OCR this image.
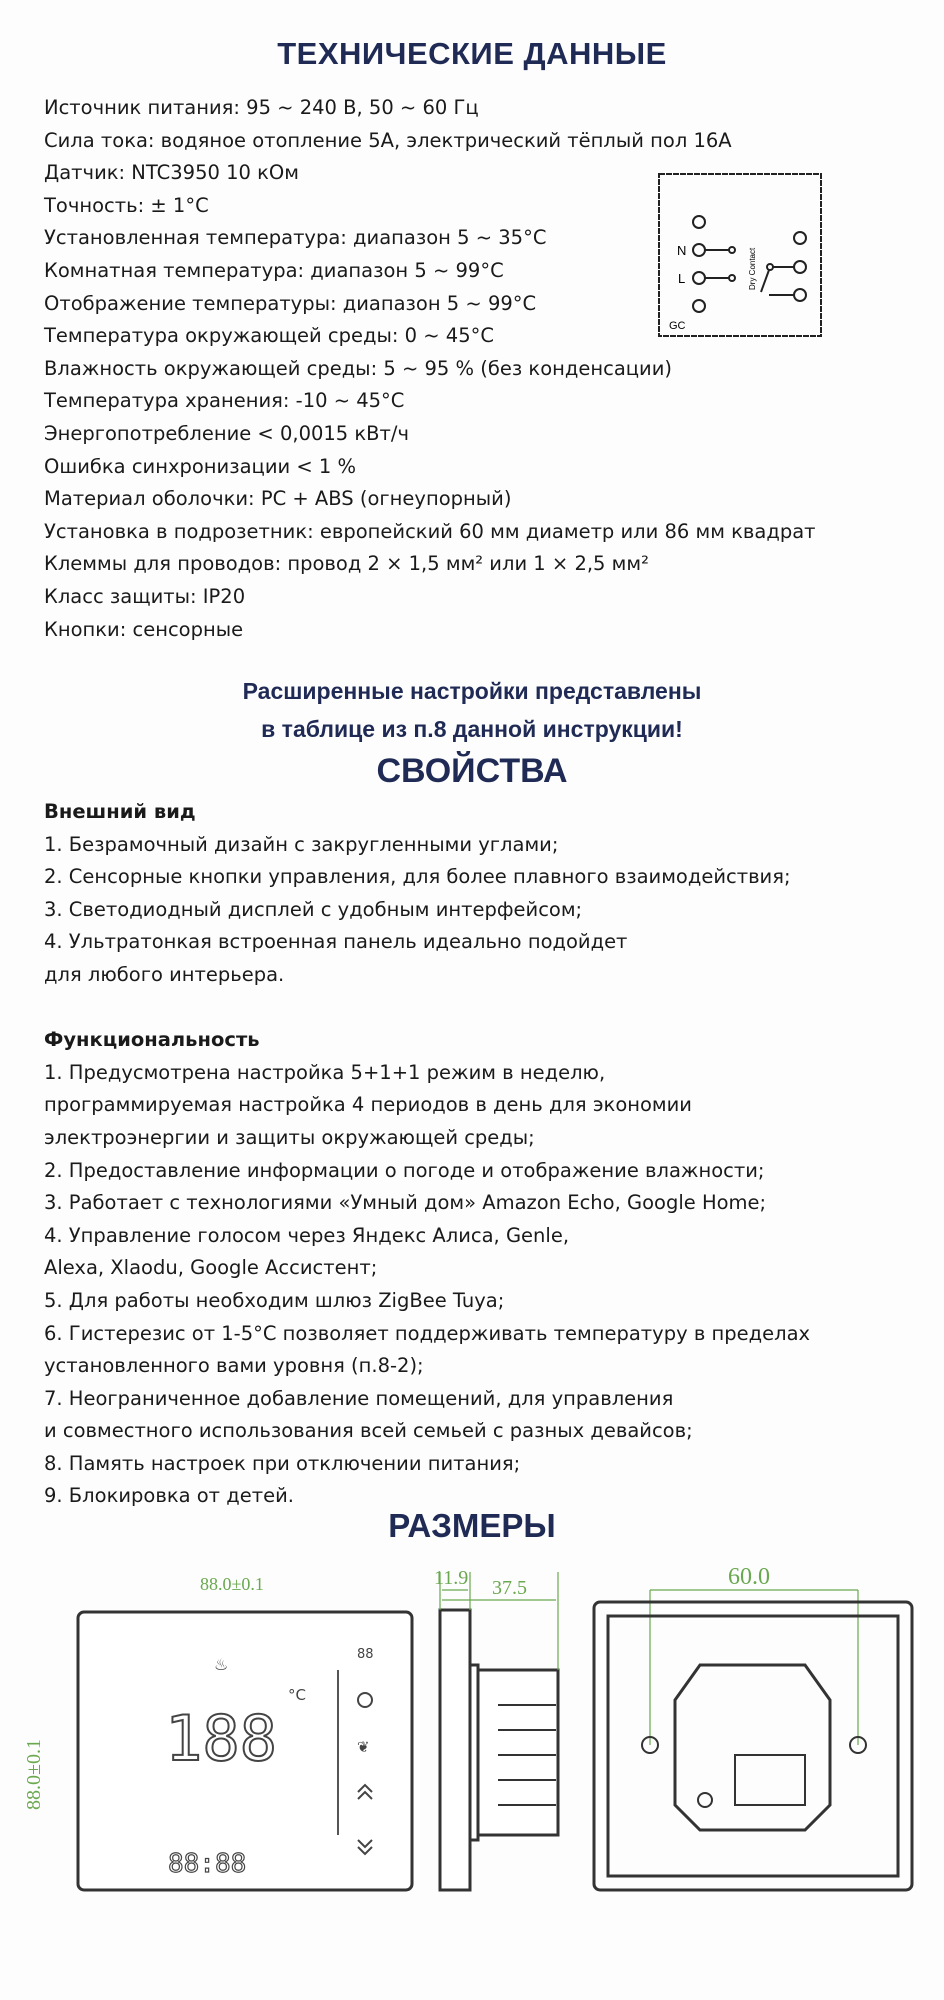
ТЕХНИЧЕСКИЕ ДАННЫЕ
Источник питания: 95 ~ 240 В, 50 ~ 60 Гц
Сила тока: водяное отопление 5А, электрический тёплый пол 16А
Датчик: NTC3950 10 кОм
Точность: ± 1°C
Установленная температура: диапазон 5 ~ 35°C
Комнатная температура: диапазон 5 ~ 99°C
Отображение температуры: диапазон 5 ~ 99°C
Температура окружающей среды: 0 ~ 45°C
Влажность окружающей среды: 5 ~ 95 % (без конденсации)
Температура хранения: -10 ~ 45°C
Энергопотребление < 0,0015 кВт/ч
Ошибка синхронизации < 1 %
Материал оболочки: PC + ABS (огнеупорный)
Установка в подрозетник: европейский 60 мм диаметр или 86 мм квадрат
Клеммы для проводов: провод 2 × 1,5 мм² или 1 × 2,5 мм²
Класс защиты: IP20
Кнопки: сенсорные
N
L
GC
Dry Contact
Расширенные настройки представлены
в таблице из п.8 данной инструкции!
СВОЙСТВА
Внешний вид
1. Безрамочный дизайн с закругленными углами;
2. Сенсорные кнопки управления, для более плавного взаимодействия;
3. Светодиодный дисплей с удобным интерфейсом;
4. Ультратонкая встроенная панель идеально подойдет
для любого интерьера.

Функциональность
1. Предусмотрена настройка 5+1+1 режим в неделю,
программируемая настройка 4 периодов в день для экономии
электроэнергии и защиты окружающей среды;
2. Предоставление информации о погоде и отображение влажности;
3. Работает с технологиями «Умный дом» Amazon Echo, Google Home;
4. Управление голосом через Яндекс Алиса, Genle,
Alexa, Xlaodu, Google Ассистент;
5. Для работы необходим шлюз ZigBee Tuya;
6. Гистерезис от 1-5°C позволяет поддерживать температуру в пределах
установленного вами уровня (п.8-2);
7. Неограниченное добавление помещений, для управления
и совместного использования всей семьей с разных девайсов;
8. Память настроек при отключении питания;
9. Блокировка от детей.
РАЗМЕРЫ
88.0±0.1
88.0±0.1
♨
188
°C
88:88
88
❦
11.9 37.5	60.0
